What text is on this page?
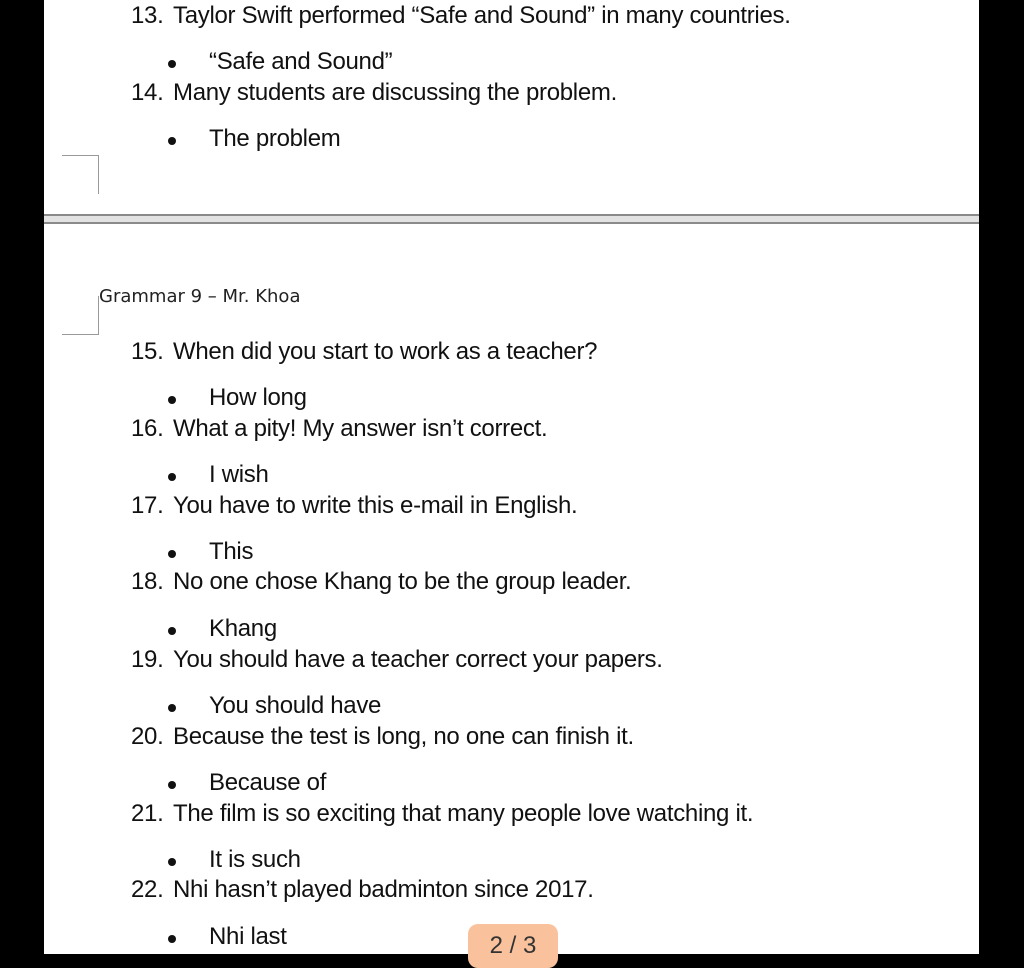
Grammar 9 – Mr. Khoa
13. Taylor Swift performed “Safe and Sound” in many countries.
“Safe and Sound”
14. Many students are discussing the problem.
The problem
15. When did you start to work as a teacher?
How long
16. What a pity! My answer isn’t correct.
I wish
17. You have to write this e-mail in English.
This
18. No one chose Khang to be the group leader.
Khang
19. You should have a teacher correct your papers.
You should have
20. Because the test is long, no one can finish it.
Because of
21. The film is so exciting that many people love watching it.
It is such
22. Nhi hasn’t played badminton since 2017.
Nhi last	2 / 3
